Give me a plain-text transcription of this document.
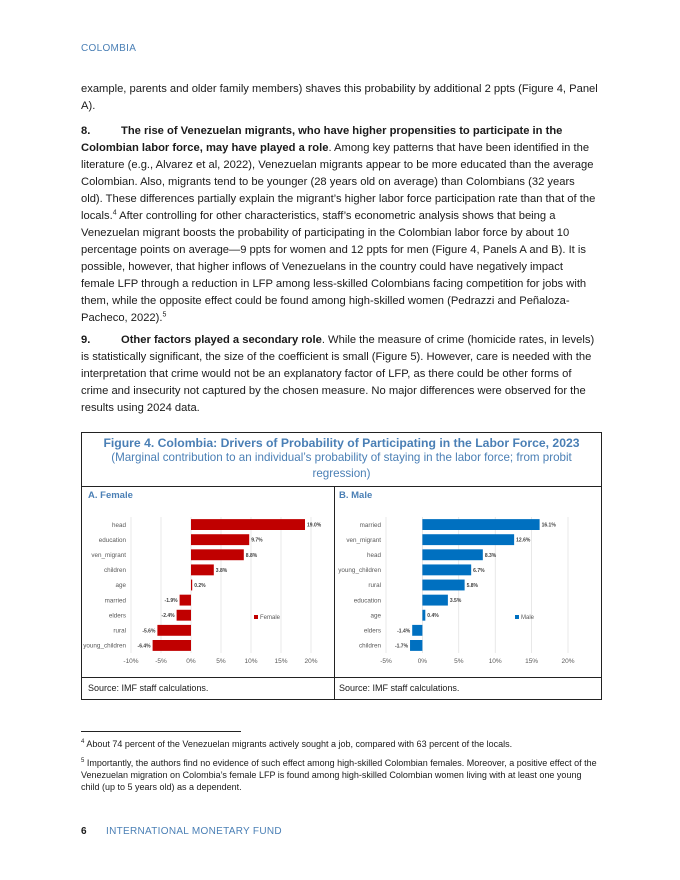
COLOMBIA

example, parents and older family members) shaves this probability by additional 2 ppts (Figure 4, Panel A).

8.	The rise of Venezuelan migrants, who have higher propensities to participate in the Colombian labor force, may have played a role. Among key patterns that have been identified in the literature (e.g., Alvarez et al, 2022), Venezuelan migrants appear to be more educated than the average Colombian. Also, migrants tend to be younger (28 years old on average) than Colombians (32 years old). These differences partially explain the migrant’s higher labor force participation rate than that of the locals.$^4$ After controlling for other characteristics, staff’s econometric analysis shows that being a Venezuelan migrant boosts the probability of participating in the Colombian labor force by about 10 percentage points on average—9 ppts for women and 12 ppts for men (Figure 4, Panels A and B). It is possible, however, that higher inflows of Venezuelans in the country could have negatively impact female LFP through a reduction in LFP among less-skilled Colombians facing competition for jobs with them, while the opposite effect could be found among high-skilled women (Pedrazzi and Peñaloza-Pacheco, 2022).$^5$

9.	Other factors played a secondary role. While the measure of crime (homicide rates, in levels) is statistically significant, the size of the coefficient is small (Figure 5). However, care is needed with the interpretation that crime would not be an explanatory factor of LFP, as there could be other forms of crime and insecurity not captured by the chosen measure. No major differences were observed for the results using 2024 data.

Figure 4. Colombia: Drivers of Probability of Participating in the Labor Force, 2023
(Marginal contribution to an individual’s probability of staying in the labor force; from probit regression)
A. Female	B. Male
-10%	-5%	0%	5%	10%	15%	20%
head	19.0%
education	9.7%
ven_migrant	8.8%
children	3.8%
age	0.2%
married	-1.9%
elders	-2.4%
rural	-5.6%
young_children -6.4%
Female
-5%	0%	5%	10%	15%	20%
married	16.1%
ven_migrant	12.6%
head	8.3%
young_children	6.7%
rural	5.8%
education	3.5%
age	0.4%
elders	-1.4%
children	-1.7%
Male
Source: IMF staff calculations.	Source: IMF staff calculations.
$^4$ About 74 percent of the Venezuelan migrants actively sought a job, compared with 63 percent of the locals.
$^5$ Importantly, the authors find no evidence of such effect among high-skilled Colombian females. Moreover, a positive effect of the Venezuelan migration on Colombia’s female LFP is found among high-skilled Colombian women living with at least one young child (up to 5 years old) as a dependent.
6 INTERNATIONAL MONETARY FUND
